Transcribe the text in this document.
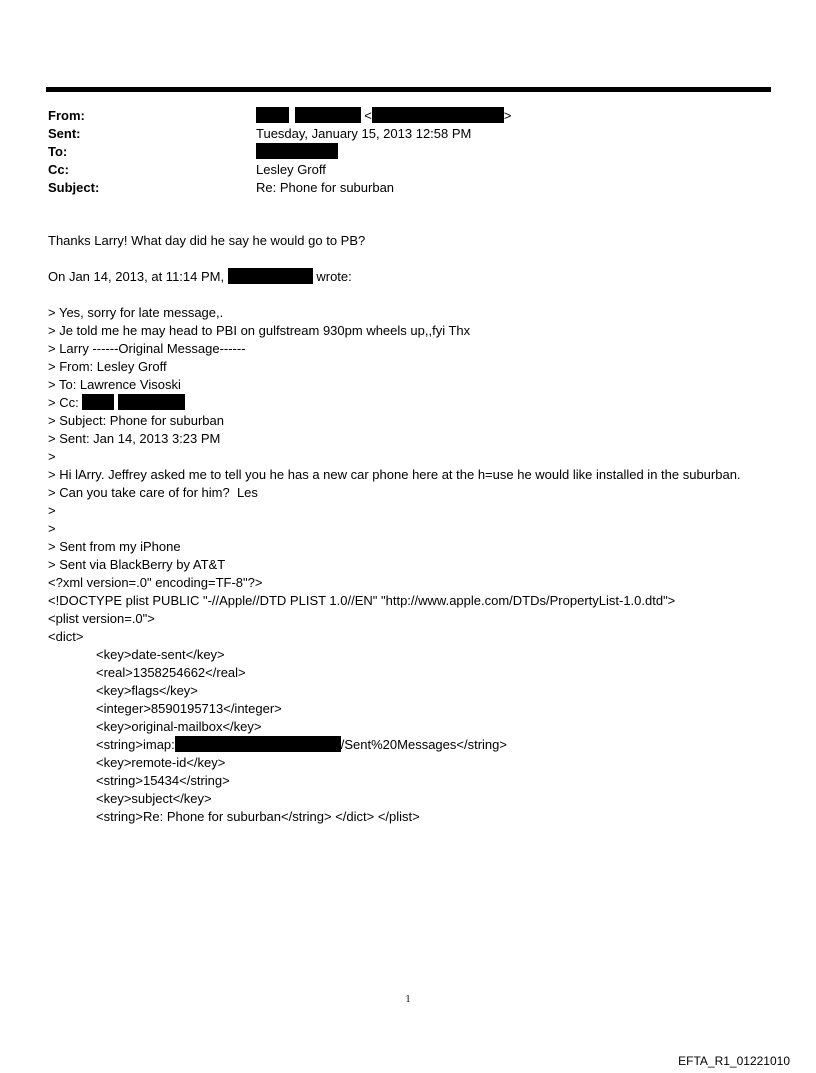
From:	<	>
Sent:	Tuesday, January 15, 2013 12:58 PM
To:
Cc:	Lesley Groff
Subject:	Re: Phone for suburban
Thanks Larry! What day did he say he would go to PB?
On Jan 14, 2013, at 11:14 PM,	wrote:
> Yes, sorry for late message,.
> Je told me he may head to PBI on gulfstream 930pm wheels up,,fyi Thx
> Larry ------Original Message------
> From: Lesley Groff
> To: Lawrence Visoski
> Cc:
> Subject: Phone for suburban
> Sent: Jan 14, 2013 3:23 PM
>
> Hi lArry. Jeffrey asked me to tell you he has a new car phone here at the h=use he would like installed in the suburban.
> Can you take care of for him?  Les
>
>
> Sent from my iPhone
> Sent via BlackBerry by AT&T
<?xml version=.0" encoding=TF-8"?>
<!DOCTYPE plist PUBLIC "-//Apple//DTD PLIST 1.0//EN" "http://www.apple.com/DTDs/PropertyList-1.0.dtd">
<plist version=.0">
<dict>
<key>date-sent</key>
<real>1358254662</real>
<key>flags</key>
<integer>8590195713</integer>
<key>original-mailbox</key>
<string>imap:	/Sent%20Messages</string>
<key>remote-id</key>
<string>15434</string>
<key>subject</key>
<string>Re: Phone for suburban</string> </dict> </plist>
1
EFTA_R1_01221010
